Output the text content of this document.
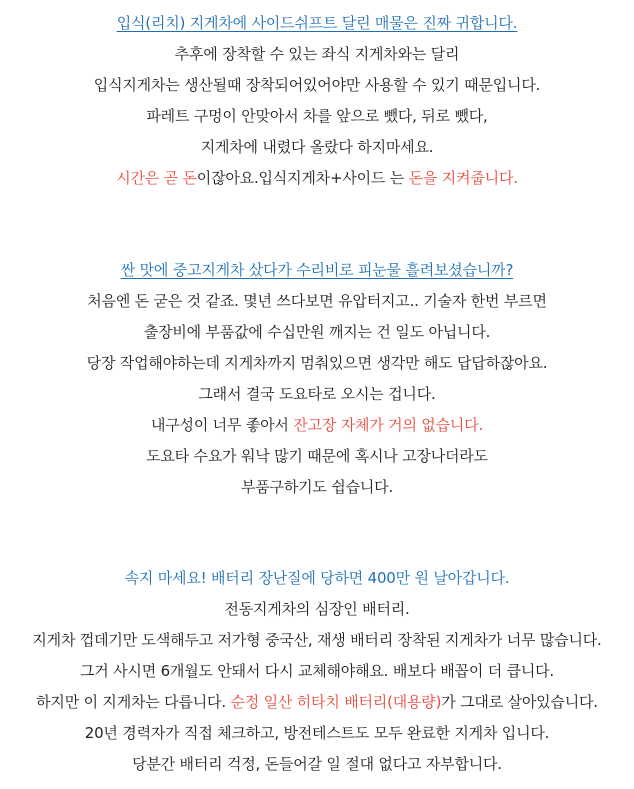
입식(리치) 지게차에 사이드쉬프트 달린 매물은 진짜 귀합니다.
추후에 장착할 수 있는 좌식 지게차와는 달리
입식지게차는 생산될때 장착되어있어야만 사용할 수 있기 때문입니다.
파레트 구멍이 안맞아서 차를 앞으로 뺐다, 뒤로 뺐다,
지게차에 내렸다 올랐다 하지마세요.
시간은 곧 돈이잖아요.입식지게차+사이드 는 돈을 지켜줍니다.
싼 맛에 중고지게차 샀다가 수리비로 피눈물 흘려보셨습니까?
처음엔 돈 굳은 것 같죠. 몇년 쓰다보면 유압터지고.. 기술자 한번 부르면
출장비에 부품값에 수십만원 깨지는 건 일도 아닙니다.
당장 작업해야하는데 지게차까지 멈춰있으면 생각만 해도 답답하잖아요.
그래서 결국 도요타로 오시는 겁니다.
내구성이 너무 좋아서 잔고장 자체가 거의 없습니다.
도요타 수요가 워낙 많기 때문에 혹시나 고장나더라도
부품구하기도 쉽습니다.
속지 마세요! 배터리 장난질에 당하면 400만 원 날아갑니다.
전동지게차의 심장인 배터리.
지게차 껍데기만 도색해두고 저가형 중국산, 재생 배터리 장착된 지게차가 너무 많습니다.
그거 사시면 6개월도 안돼서 다시 교체해야해요. 배보다 배꼽이 더 큽니다.
하지만 이 지게차는 다릅니다. 순정 일산 히타치 배터리(대용량)가 그대로 살아있습니다.
20년 경력자가 직접 체크하고, 방전테스트도 모두 완료한 지게차 입니다.
당분간 배터리 걱정, 돈들어갈 일 절대 없다고 자부합니다.
